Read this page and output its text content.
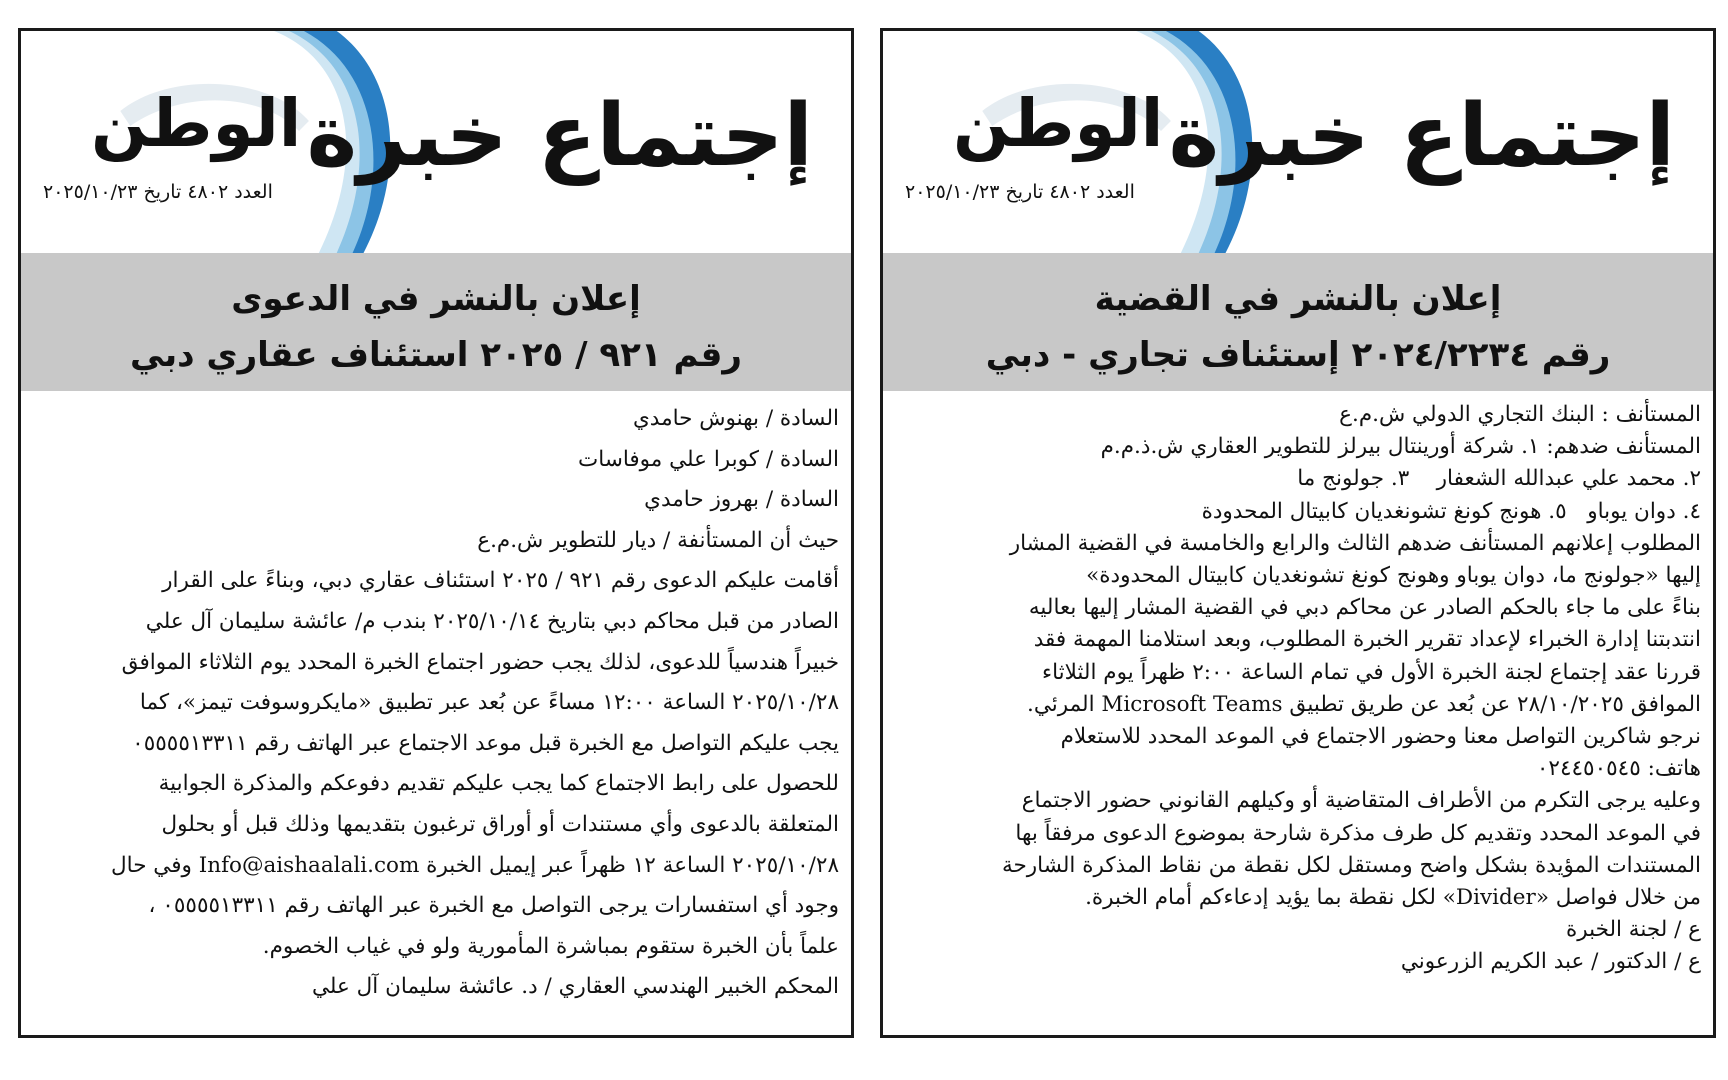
الوطن إجتماع خبرة
العدد ٤٨٠٢ تاريخ ٢٠٢٥/١٠/٢٣
إعلان بالنشر في الدعوى
رقم ٩٢١ / ٢٠٢٥ استئناف عقاري دبي

السادة / بهنوش حامدي

السادة / كوبرا علي موفاسات

السادة / بهروز حامدي

حيث أن المستأنفة / ديار للتطوير ش.م.ع

أقامت عليكم الدعوى رقم ٩٢١ / ٢٠٢٥ استئناف عقاري دبي، وبناءً على القرار

الصادر من قبل محاكم دبي بتاريخ ٢٠٢٥/١٠/١٤ بندب م/ عائشة سليمان آل علي

خبيراً هندسياً للدعوى، لذلك يجب حضور اجتماع الخبرة المحدد يوم الثلاثاء الموافق

٢٠٢٥/١٠/٢٨ الساعة ١٢:٠٠ مساءً عن بُعد عبر تطبيق «مايكروسوفت تيمز»، كما

يجب عليكم التواصل مع الخبرة قبل موعد الاجتماع عبر الهاتف رقم ٠٥٥٥٥١٣٣١١

للحصول على رابط الاجتماع كما يجب عليكم تقديم دفوعكم والمذكرة الجوابية

المتعلقة بالدعوى وأي مستندات أو أوراق ترغبون بتقديمها وذلك قبل أو بحلول

٢٠٢٥/١٠/٢٨ الساعة ١٢ ظهراً عبر إيميل الخبرة Info@aishaalali.com وفي حال

وجود أي استفسارات يرجى التواصل مع الخبرة عبر الهاتف رقم ٠٥٥٥٥١٣٣١١ ،

علماً بأن الخبرة ستقوم بمباشرة المأمورية ولو في غياب الخصوم.

المحكم الخبير الهندسي العقاري / د. عائشة سليمان آل علي

الوطن إجتماع خبرة
العدد ٤٨٠٢ تاريخ ٢٠٢٥/١٠/٢٣
إعلان بالنشر في القضية
رقم ٢٠٢٤/٢٢٣٤ إستئناف تجاري - دبي

المستأنف : البنك التجاري الدولي ش.م.ع

المستأنف ضدهم: ١. شركة أورينتال بيرلز للتطوير العقاري ش.ذ.م.م

٢. محمد علي عبدالله الشعفار    ٣. جولونج ما

٤. دوان يوباو   ٥. هونج كونغ تشونغديان كابيتال المحدودة

المطلوب إعلانهم المستأنف ضدهم الثالث والرابع والخامسة في القضية المشار

إليها «جولونج ما، دوان يوباو وهونج كونغ تشونغديان كابيتال المحدودة»

بناءً على ما جاء بالحكم الصادر عن محاكم دبي في القضية المشار إليها بعاليه

انتدبتنا إدارة الخبراء لإعداد تقرير الخبرة المطلوب، وبعد استلامنا المهمة فقد

قررنا عقد إجتماع لجنة الخبرة الأول في تمام الساعة ٢:٠٠ ظهراً يوم الثلاثاء

الموافق ٢٨/١٠/٢٠٢٥ عن بُعد عن طريق تطبيق Microsoft Teams المرئي.

نرجو شاكرين التواصل معنا وحضور الاجتماع في الموعد المحدد للاستعلام

هاتف: ٠٢٤٤٥٠٥٤٥

وعليه يرجى التكرم من الأطراف المتقاضية أو وكيلهم القانوني حضور الاجتماع

في الموعد المحدد وتقديم كل طرف مذكرة شارحة بموضوع الدعوى مرفقاً بها

المستندات المؤيدة بشكل واضح ومستقل لكل نقطة من نقاط المذكرة الشارحة

من خلال فواصل «Divider» لكل نقطة بما يؤيد إدعاءكم أمام الخبرة.

ع / لجنة الخبرة

ع / الدكتور / عبد الكريم الزرعوني
